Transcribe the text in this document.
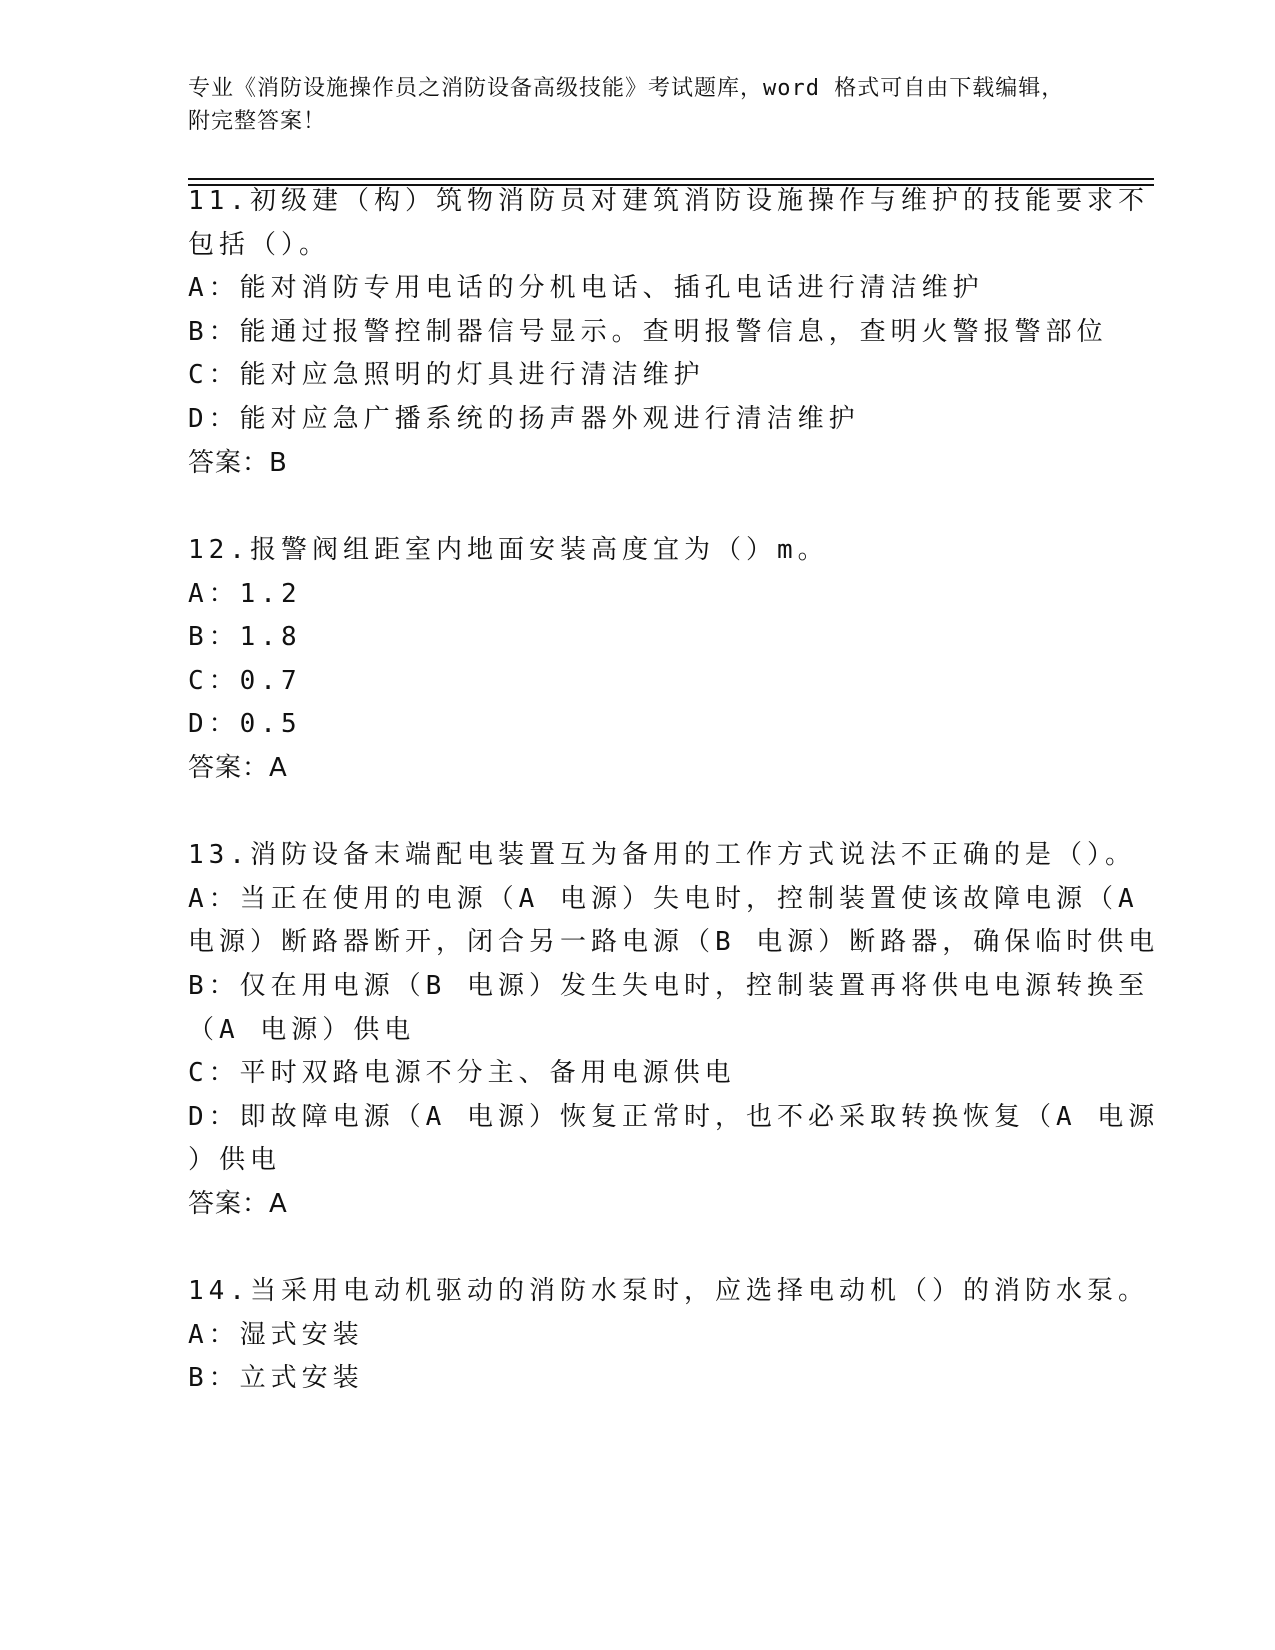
专业《消防设施操作员之消防设备高级技能》考试题库，word 格式可自由下载编辑，附完整答案！

11.初级建（构）筑物消防员对建筑消防设施操作与维护的技能要求不

包括（）。

A：能对消防专用电话的分机电话、插孔电话进行清洁维护

B：能通过报警控制器信号显示。查明报警信息，查明火警报警部位

C：能对应急照明的灯具进行清洁维护

D：能对应急广播系统的扬声器外观进行清洁维护

答案：B

12.报警阀组距室内地面安装高度宜为（）m。

A：1.2

B：1.8

C：0.7

D：0.5

答案：A

13.消防设备末端配电装置互为备用的工作方式说法不正确的是（）。

A：当正在使用的电源（A 电源）失电时，控制装置使该故障电源（A

电源）断路器断开，闭合另一路电源（B 电源）断路器，确保临时供电

B：仅在用电源（B 电源）发生失电时，控制装置再将供电电源转换至

（A 电源）供电

C：平时双路电源不分主、备用电源供电

D：即故障电源（A 电源）恢复正常时，也不必采取转换恢复（A 电源

）供电

答案：A

14.当采用电动机驱动的消防水泵时，应选择电动机（）的消防水泵。

A：湿式安装

B：立式安装
